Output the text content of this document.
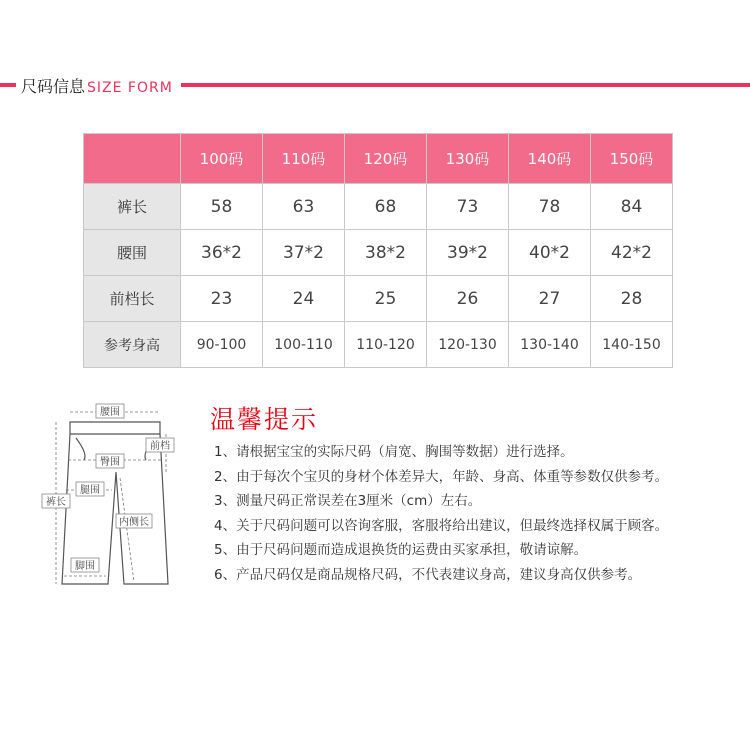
尺码信息 SIZE FORM
	100码	110码	120码	130码	140码	150码
裤长	58	63	68	73	78	84
腰围	36*2	37*2	38*2	39*2	40*2	42*2
前档长	23	24	25	26	27	28
参考身高	90-100	100-110	110-120	120-130	130-140	140-150
腰围
前档
臀围
裤长
腿围
内侧长
脚围
温馨提示
1、请根据宝宝的实际尺码（肩宽、胸围等数据）进行选择。
2、由于每次个宝贝的身材个体差异大，年龄、身高、体重等参数仅供参考。
3、测量尺码正常误差在3厘米（cm）左右。
4、关于尺码问题可以咨询客服，客服将给出建议，但最终选择权属于顾客。
5、由于尺码问题而造成退换货的运费由买家承担，敬请谅解。
6、产品尺码仅是商品规格尺码，不代表建议身高，建议身高仅供参考。
